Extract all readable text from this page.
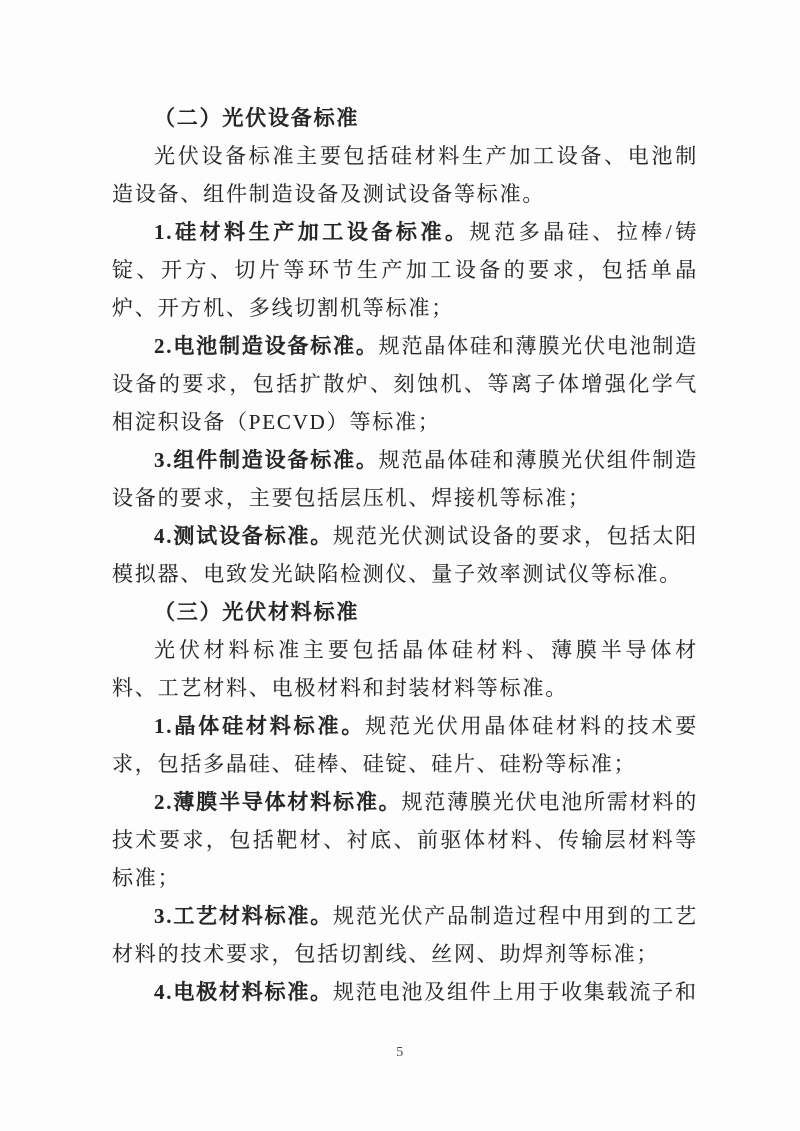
（二）光伏设备标准

光伏设备标准主要包括硅材料生产加工设备、电池制造设备、组件制造设备及测试设备等标准。

1.硅材料生产加工设备标准。规范多晶硅、拉棒/铸锭、开方、切片等环节生产加工设备的要求，包括单晶炉、开方机、多线切割机等标准；

2.电池制造设备标准。规范晶体硅和薄膜光伏电池制造设备的要求，包括扩散炉、刻蚀机、等离子体增强化学气相淀积设备（PECVD）等标准；

3.组件制造设备标准。规范晶体硅和薄膜光伏组件制造设备的要求，主要包括层压机、焊接机等标准；

4.测试设备标准。规范光伏测试设备的要求，包括太阳模拟器、电致发光缺陷检测仪、量子效率测试仪等标准。

（三）光伏材料标准

光伏材料标准主要包括晶体硅材料、薄膜半导体材料、工艺材料、电极材料和封装材料等标准。

1.晶体硅材料标准。规范光伏用晶体硅材料的技术要求，包括多晶硅、硅棒、硅锭、硅片、硅粉等标准；

2.薄膜半导体材料标准。规范薄膜光伏电池所需材料的技术要求，包括靶材、衬底、前驱体材料、传输层材料等标准；

3.工艺材料标准。规范光伏产品制造过程中用到的工艺材料的技术要求，包括切割线、丝网、助焊剂等标准；

4.电极材料标准。规范电池及组件上用于收集载流子和

5
